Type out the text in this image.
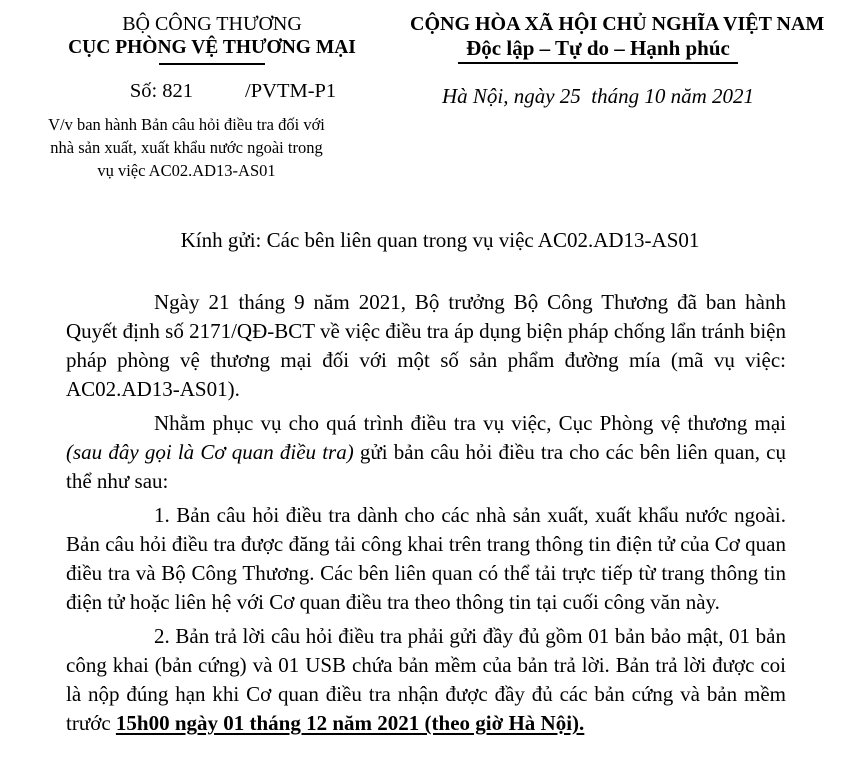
BỘ CÔNG THƯƠNG
CỤC PHÒNG VỆ THƯƠNG MẠI
Số: 821	/PVTM-P1
V/v ban hành Bản câu hỏi điều tra đối với nhà sản xuất, xuất khẩu nước ngoài trong vụ việc AC02.AD13-AS01
CỘNG HÒA XÃ HỘI CHỦ NGHĨA VIỆT NAM
Độc lập – Tự do – Hạnh phúc
Hà Nội, ngày 25  tháng 10 năm 2021
Kính gửi: Các bên liên quan trong vụ việc AC02.AD13-AS01

Ngày 21 tháng 9 năm 2021, Bộ trưởng Bộ Công Thương đã ban hành Quyết định số 2171/QĐ-BCT về việc điều tra áp dụng biện pháp chống lẩn tránh biện pháp phòng vệ thương mại đối với một số sản phẩm đường mía (mã vụ việc: AC02.AD13-AS01).

Nhằm phục vụ cho quá trình điều tra vụ việc, Cục Phòng vệ thương mại (sau đây gọi là Cơ quan điều tra) gửi bản câu hỏi điều tra cho các bên liên quan, cụ thể như sau:

1. Bản câu hỏi điều tra dành cho các nhà sản xuất, xuất khẩu nước ngoài. Bản câu hỏi điều tra được đăng tải công khai trên trang thông tin điện tử của Cơ quan điều tra và Bộ Công Thương. Các bên liên quan có thể tải trực tiếp từ trang thông tin điện tử hoặc liên hệ với Cơ quan điều tra theo thông tin tại cuối công văn này.

2. Bản trả lời câu hỏi điều tra phải gửi đầy đủ gồm 01 bản bảo mật, 01 bản công khai (bản cứng) và 01 USB chứa bản mềm của bản trả lời. Bản trả lời được coi là nộp đúng hạn khi Cơ quan điều tra nhận được đầy đủ các bản cứng và bản mềm trước 15h00 ngày 01 tháng 12 năm 2021 (theo giờ Hà Nội).
